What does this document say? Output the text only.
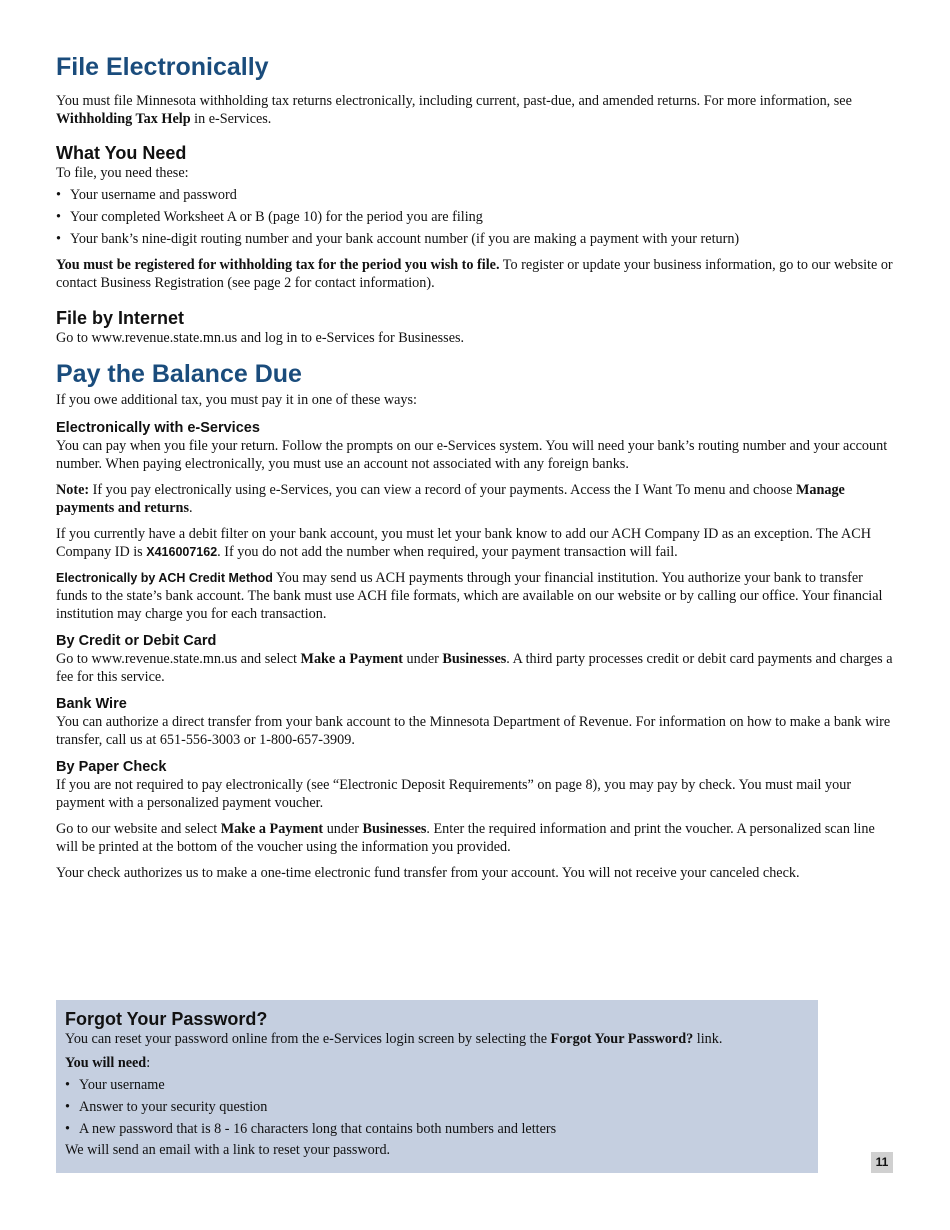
File Electronically

You must file Minnesota withholding tax returns electronically, including current, past-due, and amended returns. For more information, see Withholding Tax Help in e-Services.

What You Need

To file, you need these:

• Your username and password
• Your completed Worksheet A or B (page 10) for the period you are filing
• Your bank’s nine-digit routing number and your bank account number (if you are making a payment with your return)

You must be registered for withholding tax for the period you wish to file. To register or update your business information, go to our website or contact Business Registration (see page 2 for contact information).

File by Internet

Go to www.revenue.state.mn.us and log in to e-Services for Businesses.

Pay the Balance Due

If you owe additional tax, you must pay it in one of these ways:

Electronically with e-Services

You can pay when you file your return. Follow the prompts on our e-Services system. You will need your bank’s routing number and your account number. When paying electronically, you must use an account not associated with any foreign banks.

Note: If you pay electronically using e-Services, you can view a record of your payments. Access the I Want To menu and choose Manage payments and returns.

If you currently have a debit filter on your bank account, you must let your bank know to add our ACH Company ID as an exception. The ACH Company ID is X416007162. If you do not add the number when required, your payment transaction will fail.

Electronically by ACH Credit Method You may send us ACH payments through your financial institution. You authorize your bank to transfer funds to the state’s bank account. The bank must use ACH file formats, which are available on our website or by calling our office. Your financial institution may charge you for each transaction.

By Credit or Debit Card

Go to www.revenue.state.mn.us and select Make a Payment under Businesses. A third party processes credit or debit card payments and charges a fee for this service.

Bank Wire

You can authorize a direct transfer from your bank account to the Minnesota Department of Revenue. For information on how to make a bank wire transfer, call us at 651-556-3003 or 1-800-657-3909.

By Paper Check

If you are not required to pay electronically (see “Electronic Deposit Requirements” on page 8), you may pay by check. You must mail your payment with a personalized payment voucher.

Go to our website and select Make a Payment under Businesses. Enter the required information and print the voucher. A personalized scan line will be printed at the bottom of the voucher using the information you provided.

Your check authorizes us to make a one-time electronic fund transfer from your account. You will not receive your canceled check.

Forgot Your Password?

You can reset your password online from the e-Services login screen by selecting the Forgot Your Password? link.

You will need:

• Your username
• Answer to your security question
• A new password that is 8 - 16 characters long that contains both numbers and letters

We will send an email with a link to reset your password.

11
